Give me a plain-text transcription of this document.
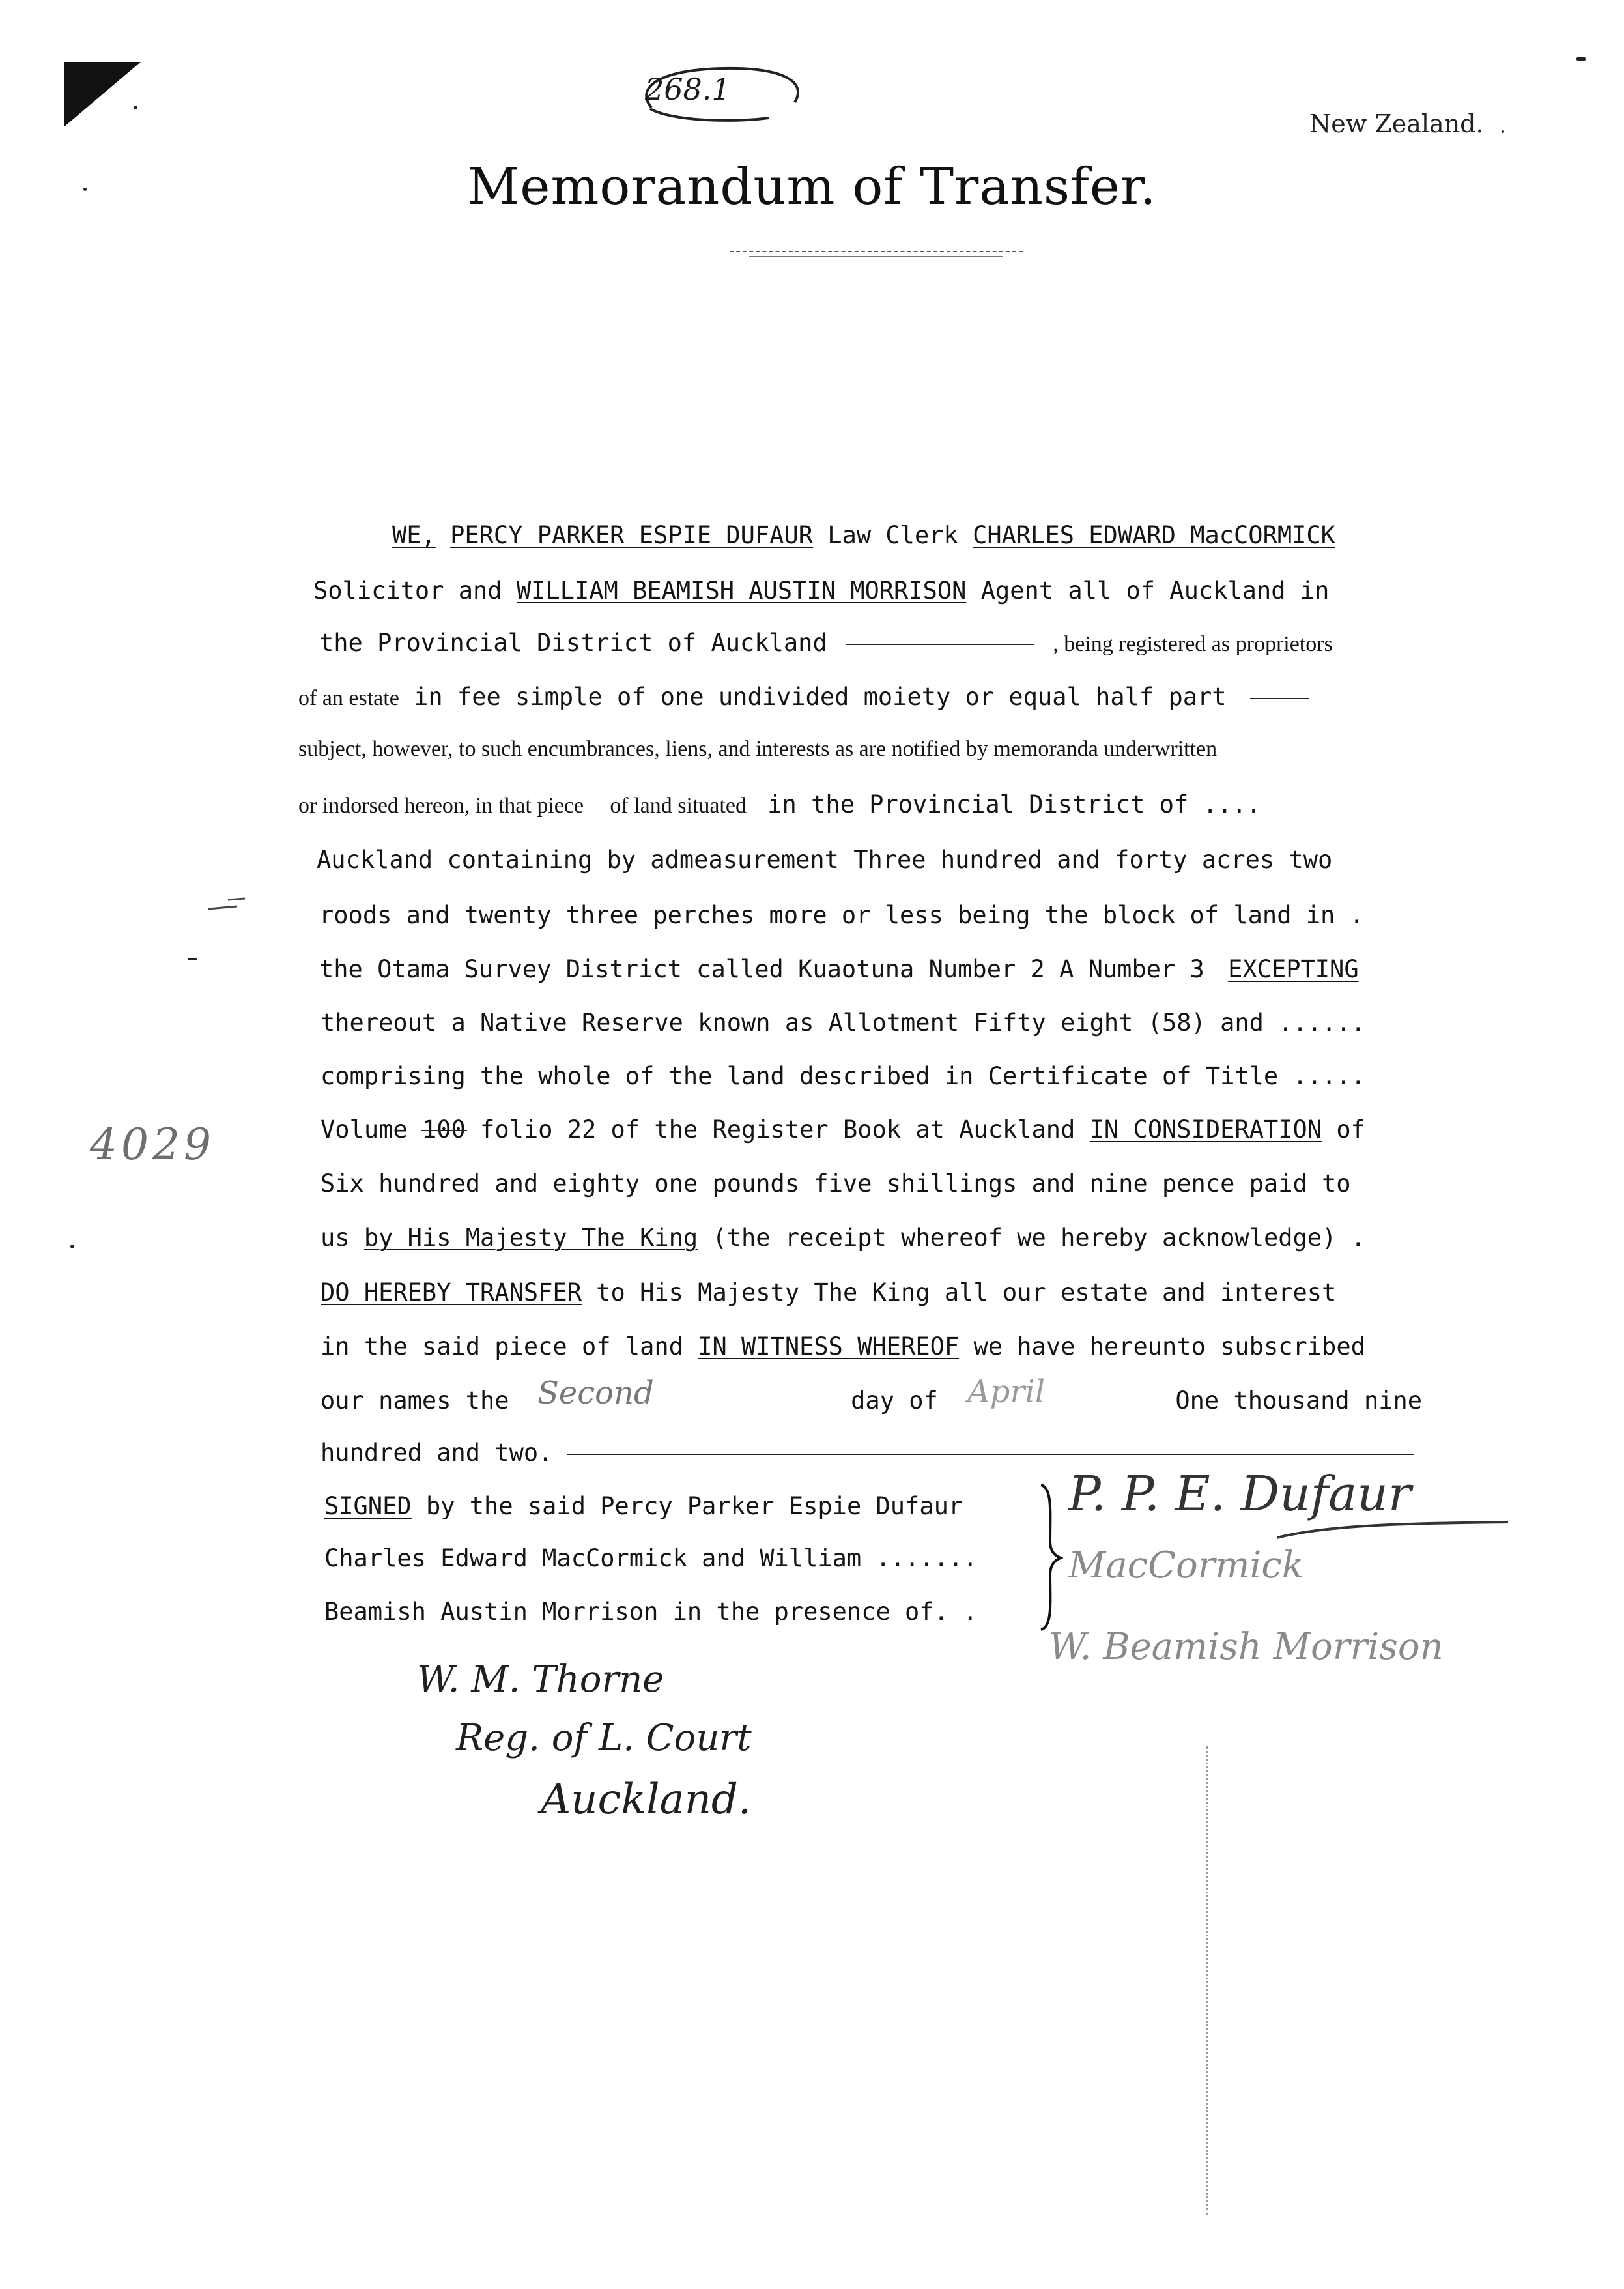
268.1
New Zealand.
Memorandum of Transfer.
WE, PERCY PARKER ESPIE DUFAUR Law Clerk CHARLES EDWARD MacCORMICK
Solicitor and WILLIAM BEAMISH AUSTIN MORRISON Agent all of Auckland in
the Provincial District of Auckland	, being registered as proprietors
of an estate in fee simple of one undivided moiety or equal half part
subject, however, to such encumbrances, liens, and interests as are notified by memoranda underwritten
or indorsed hereon, in that piece of land situated in the Provincial District of ....
Auckland containing by admeasurement Three hundred and forty acres two
roods and twenty three perches more or less being the block of land in .
the Otama Survey District called Kuaotuna Number 2 A Number 3 EXCEPTING
thereout a Native Reserve known as Allotment Fifty eight (58) and ......
comprising the whole of the land described in Certificate of Title .....
Volume 100 folio 22 of the Register Book at Auckland IN CONSIDERATION of
Six hundred and eighty one pounds five shillings and nine pence paid to
us by His Majesty The King (the receipt whereof we hereby acknowledge) .
DO HEREBY TRANSFER to His Majesty The King all our estate and interest
in the said piece of land IN WITNESS WHEREOF we have hereunto subscribed
our names the	day of	One thousand nine
Second	April
hundred and two.
SIGNED by the said Percy Parker Espie Dufaur
Charles Edward MacCormick and William .......
Beamish Austin Morrison in the presence of. .
P. P. E. Dufaur
MacCormick
W. Beamish Morrison
W. M. Thorne
Reg. of L. Court
Auckland.
4029
